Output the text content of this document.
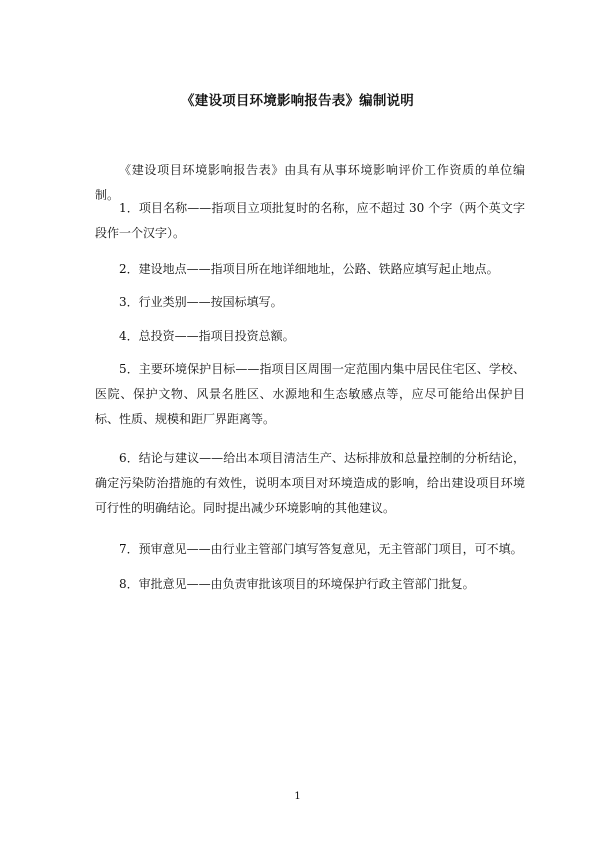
《建设项目环境影响报告表》编制说明
《建设项目环境影响报告表》由具有从事环境影响评价工作资质的单位编制。
1．项目名称——指项目立项批复时的名称，应不超过 30 个字（两个英文字段作一个汉字）。
2．建设地点——指项目所在地详细地址，公路、铁路应填写起止地点。
3．行业类别——按国标填写。
4．总投资——指项目投资总额。
5．主要环境保护目标——指项目区周围一定范围内集中居民住宅区、学校、医院、保护文物、风景名胜区、水源地和生态敏感点等，应尽可能给出保护目标、性质、规模和距厂界距离等。
6．结论与建议——给出本项目清洁生产、达标排放和总量控制的分析结论，确定污染防治措施的有效性，说明本项目对环境造成的影响，给出建设项目环境可行性的明确结论。同时提出减少环境影响的其他建议。
7．预审意见——由行业主管部门填写答复意见，无主管部门项目，可不填。
8．审批意见——由负责审批该项目的环境保护行政主管部门批复。
1
